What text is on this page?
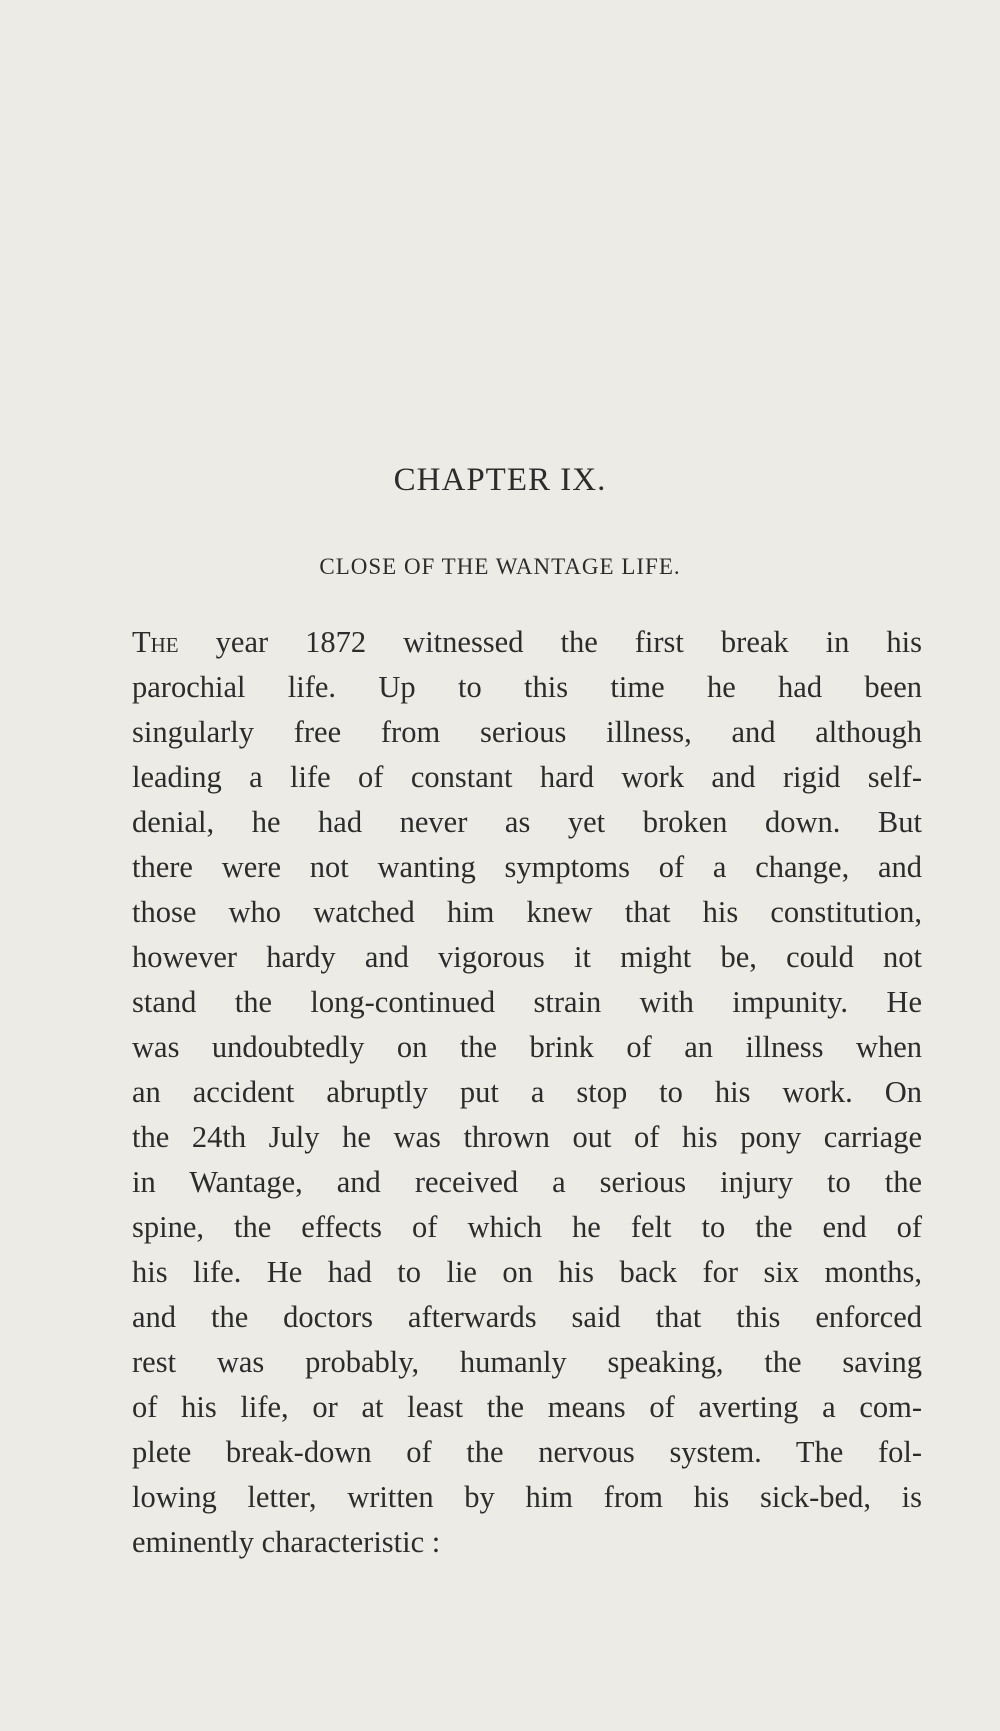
CHAPTER IX.
CLOSE OF THE WANTAGE LIFE.
The year 1872 witnessed the first break in his
parochial life. Up to this time he had been
singularly free from serious illness, and although
leading a life of constant hard work and rigid self-
denial, he had never as yet broken down. But
there were not wanting symptoms of a change, and
those who watched him knew that his constitution,
however hardy and vigorous it might be, could not
stand the long-continued strain with impunity. He
was undoubtedly on the brink of an illness when
an accident abruptly put a stop to his work. On
the 24th July he was thrown out of his pony carriage
in Wantage, and received a serious injury to the
spine, the effects of which he felt to the end of
his life. He had to lie on his back for six months,
and the doctors afterwards said that this enforced
rest was probably, humanly speaking, the saving
of his life, or at least the means of averting a com-
plete break-down of the nervous system. The fol-
lowing letter, written by him from his sick-bed, is
eminently characteristic :
